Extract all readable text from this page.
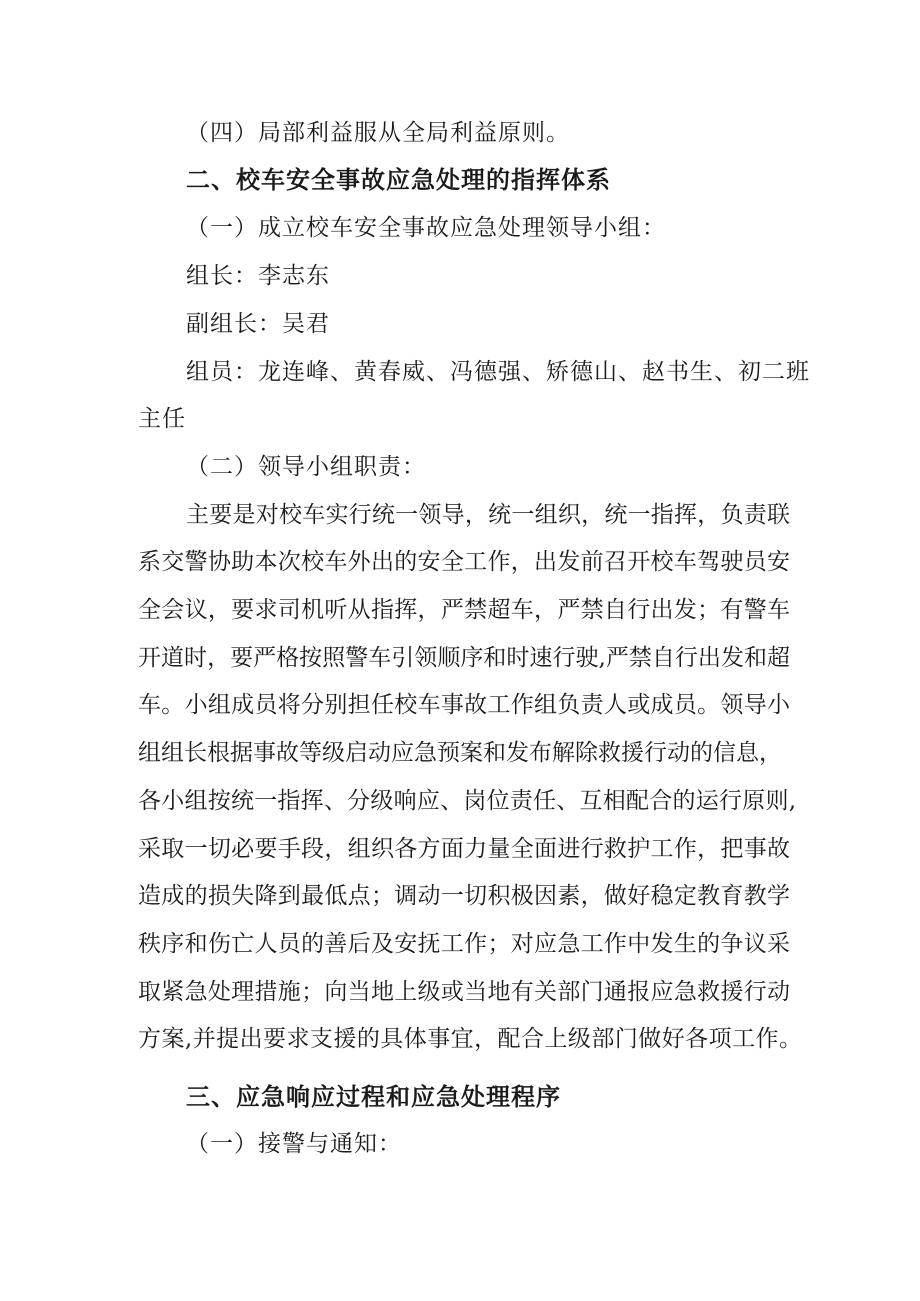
（四）局部利益服从全局利益原则。
二、校车安全事故应急处理的指挥体系
（一）成立校车安全事故应急处理领导小组：
组长：李志东
副组长：吴君
组员：龙连峰、黄春威、冯德强、矫德山、赵书生、初二班
主任
（二）领导小组职责：
主要是对校车实行统一领导，统一组织，统一指挥，负责联
系交警协助本次校车外出的安全工作，出发前召开校车驾驶员安
全会议，要求司机听从指挥，严禁超车，严禁自行出发；有警车
开道时，要严格按照警车引领顺序和时速行驶,严禁自行出发和超
车。小组成员将分别担任校车事故工作组负责人或成员。领导小
组组长根据事故等级启动应急预案和发布解除救援行动的信息，
各小组按统一指挥、分级响应、岗位责任、互相配合的运行原则,
采取一切必要手段，组织各方面力量全面进行救护工作，把事故
造成的损失降到最低点；调动一切积极因素，做好稳定教育教学
秩序和伤亡人员的善后及安抚工作；对应急工作中发生的争议采
取紧急处理措施；向当地上级或当地有关部门通报应急救援行动
方案,并提出要求支援的具体事宜，配合上级部门做好各项工作。
三、应急响应过程和应急处理程序
（一）接警与通知：
